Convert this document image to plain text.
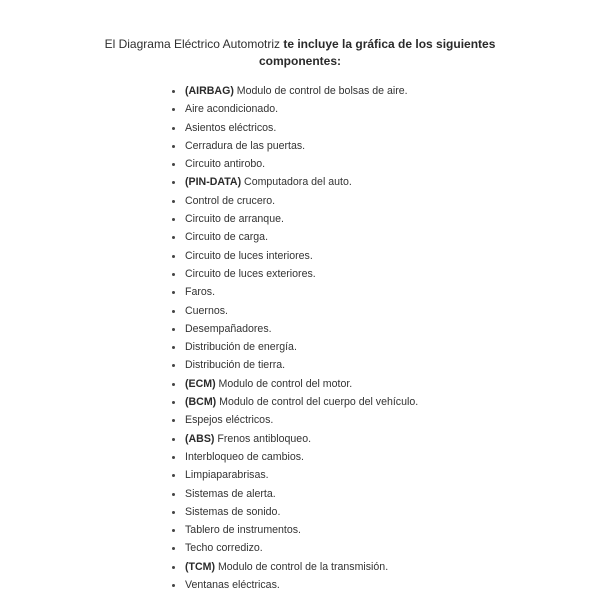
El Diagrama Eléctrico Automotriz te incluye la gráfica de los siguientes
componentes:
(AIRBAG) Modulo de control de bolsas de aire.
Aire acondicionado.
Asientos eléctricos.
Cerradura de las puertas.
Circuito antirobo.
(PIN-DATA) Computadora del auto.
Control de crucero.
Circuito de arranque.
Circuito de carga.
Circuito de luces interiores.
Circuito de luces exteriores.
Faros.
Cuernos.
Desempañadores.
Distribución de energía.
Distribución de tierra.
(ECM) Modulo de control del motor.
(BCM) Modulo de control del cuerpo del vehículo.
Espejos eléctricos.
(ABS) Frenos antibloqueo.
Interbloqueo de cambios.
Limpiaparabrisas.
Sistemas de alerta.
Sistemas de sonido.
Tablero de instrumentos.
Techo corredizo.
(TCM) Modulo de control de la transmisión.
Ventanas eléctricas.
